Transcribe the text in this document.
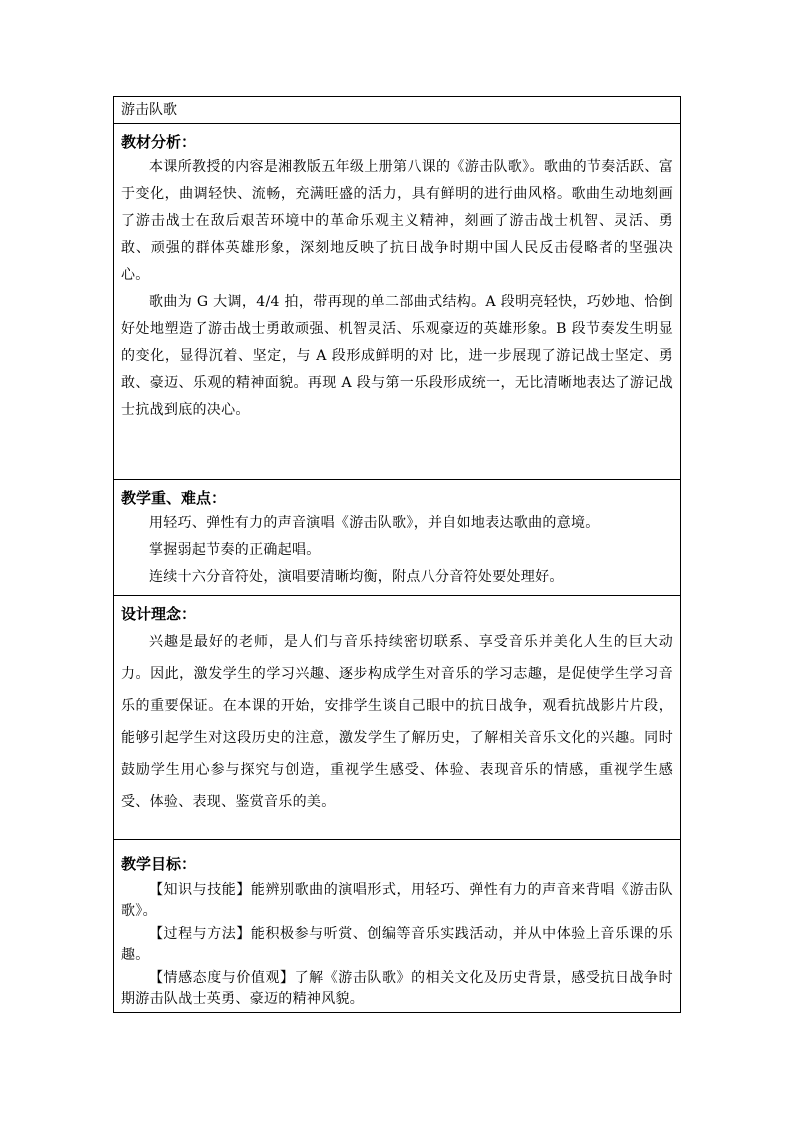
游击队歌

教材分析：

本课所教授的内容是湘教版五年级上册第八课的《游击队歌》。歌曲的节奏活跃、富于变化，曲调轻快、流畅，充满旺盛的活力，具有鲜明的进行曲风格。歌曲生动地刻画了游击战士在敌后艰苦环境中的革命乐观主义精神，刻画了游击战士机智、灵活、勇敢、顽强的群体英雄形象，深刻地反映了抗日战争时期中国人民反击侵略者的坚强决心。

歌曲为 G 大调，4/4 拍，带再现的单二部曲式结构。A 段明亮轻快，巧妙地、恰倒好处地塑造了游击战士勇敢顽强、机智灵活、乐观豪迈的英雄形象。B 段节奏发生明显的变化，显得沉着、坚定，与 A 段形成鲜明的对 比，进一步展现了游记战士坚定、勇敢、豪迈、乐观的精神面貌。再现 A 段与第一乐段形成统一，无比清晰地表达了游记战士抗战到底的决心。

教学重、难点：

用轻巧、弹性有力的声音演唱《游击队歌》，并自如地表达歌曲的意境。

掌握弱起节奏的正确起唱。

连续十六分音符处，演唱要清晰均衡，附点八分音符处要处理好。

设计理念：

兴趣是最好的老师，是人们与音乐持续密切联系、享受音乐并美化人生的巨大动力。因此，激发学生的学习兴趣、逐步构成学生对音乐的学习志趣，是促使学生学习音乐的重要保证。在本课的开始，安排学生谈自己眼中的抗日战争，观看抗战影片片段，能够引起学生对这段历史的注意，激发学生了解历史，了解相关音乐文化的兴趣。同时鼓励学生用心参与探究与创造，重视学生感受、体验、表现音乐的情感，重视学生感受、体验、表现、鉴赏音乐的美。

教学目标：

【知识与技能】能辨别歌曲的演唱形式，用轻巧、弹性有力的声音来背唱《游击队歌》。

【过程与方法】能积极参与听赏、创编等音乐实践活动，并从中体验上音乐课的乐趣。

【情感态度与价值观】了解《游击队歌》的相关文化及历史背景，感受抗日战争时期游击队战士英勇、豪迈的精神风貌。
